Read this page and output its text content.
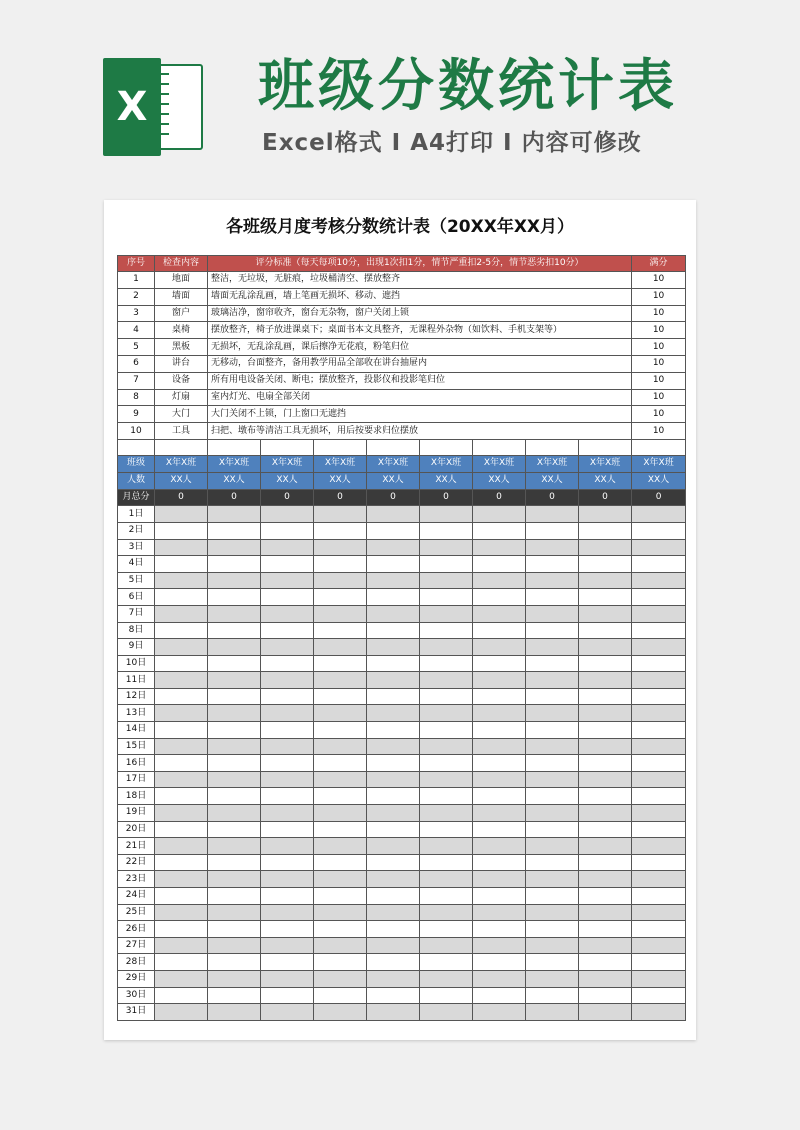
X 班级分数统计表
Excel格式 I A4打印 I 内容可修改
各班级月度考核分数统计表（20XX年XX月）
序号	检查内容	评分标准（每天每项10分，出现1次扣1分，情节严重扣2-5分，情节恶劣扣10分）								满分
1	地面	整洁，无垃圾，无脏痕，垃圾桶清空、摆放整齐								10
2	墙面	墙面无乱涂乱画，墙上笔画无损坏、移动、遮挡								10
3	窗户	玻璃洁净，窗帘收齐，窗台无杂物，窗户关闭上锁								10
4	桌椅	摆放整齐，椅子放进课桌下；桌面书本文具整齐，无课程外杂物（如饮料、手机支架等）								10
5	黑板	无损坏，无乱涂乱画，课后擦净无花痕，粉笔归位								10
6	讲台	无移动，台面整齐，备用教学用品全部收在讲台抽屉内								10
7	设备	所有用电设备关闭、断电；摆放整齐，投影仪和投影笔归位								10
8	灯扇	室内灯光、电扇全部关闭								10
9	大门	大门关闭不上锁，门上窗口无遮挡								10
10	工具	扫把、墩布等清洁工具无损坏，用后按要求归位摆放								10

班级	X年X班	X年X班	X年X班	X年X班	X年X班	X年X班	X年X班	X年X班	X年X班	X年X班
人数	XX人	XX人	XX人	XX人	XX人	XX人	XX人	XX人	XX人	XX人
月总分	0	0	0	0	0	0	0	0	0	0
1日										
2日										
3日										
4日										
5日										
6日										
7日										
8日										
9日										
10日										
11日										
12日										
13日										
14日										
15日										
16日										
17日										
18日										
19日										
20日										
21日										
22日										
23日										
24日										
25日										
26日										
27日										
28日										
29日										
30日										
31日										
